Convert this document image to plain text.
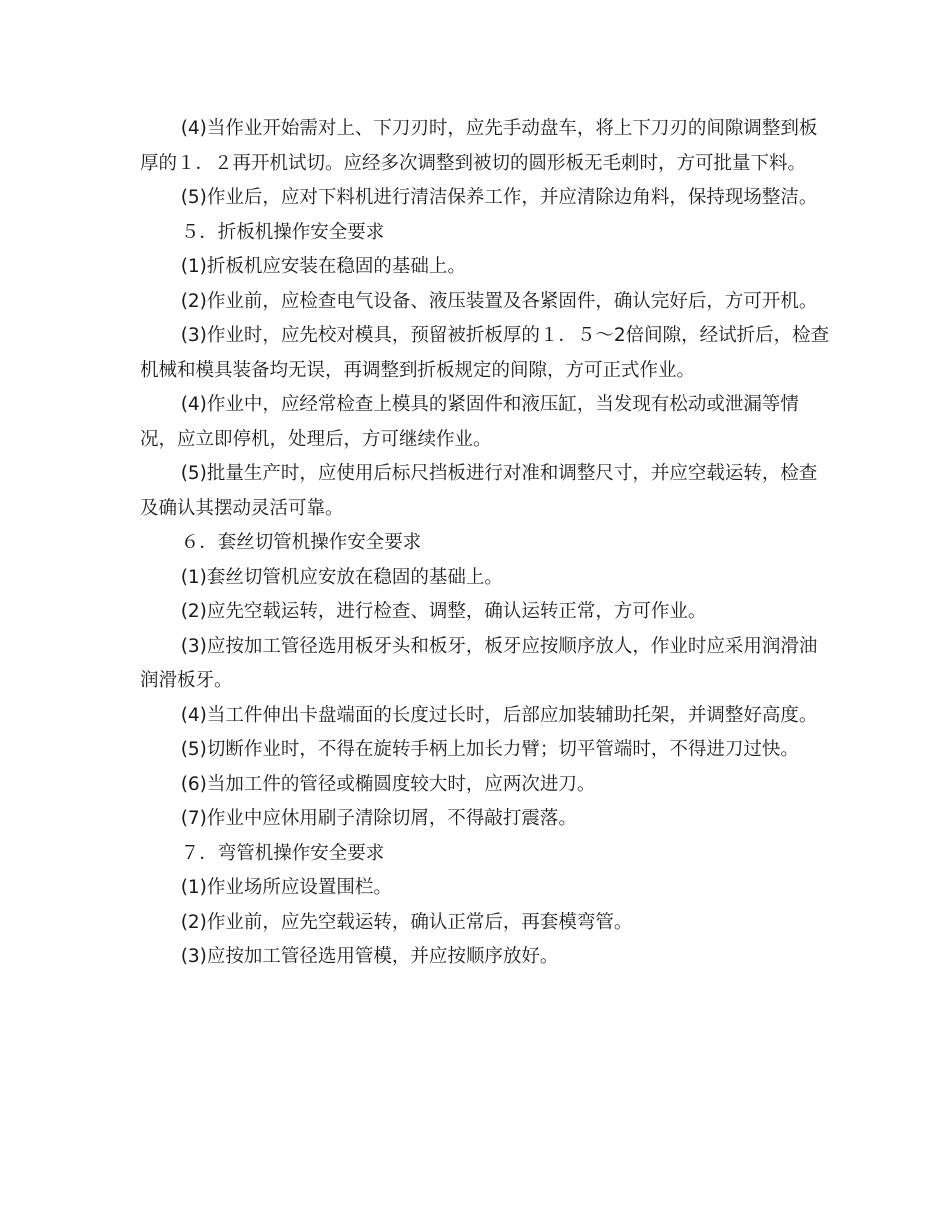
(4)当作业开始需对上、下刀刃时，应先手动盘车，将上下刀刃的间隙调整到板厚的１．２再开机试切。应经多次调整到被切的圆形板无毛刺时，方可批量下料。

(5)作业后，应对下料机进行清洁保养工作，并应清除边角料，保持现场整洁。

５．折板机操作安全要求

(1)折板机应安装在稳固的基础上。

(2)作业前，应检查电气设备、液压装置及各紧固件，确认完好后，方可开机。

(3)作业时，应先校对模具，预留被折板厚的１．５～2倍间隙，经试折后，检查机械和模具装备均无误，再调整到折板规定的间隙，方可正式作业。

(4)作业中，应经常检查上模具的紧固件和液压缸，当发现有松动或泄漏等情况，应立即停机，处理后，方可继续作业。

(5)批量生产时，应使用后标尺挡板进行对准和调整尺寸，并应空载运转，检查及确认其摆动灵活可靠。

６．套丝切管机操作安全要求

(1)套丝切管机应安放在稳固的基础上。

(2)应先空载运转，进行检查、调整，确认运转正常，方可作业。

(3)应按加工管径选用板牙头和板牙，板牙应按顺序放人，作业时应采用润滑油润滑板牙。

(4)当工件伸出卡盘端面的长度过长时，后部应加装辅助托架，并调整好高度。

(5)切断作业时，不得在旋转手柄上加长力臂；切平管端时，不得进刀过快。

(6)当加工件的管径或椭圆度较大时，应两次进刀。

(7)作业中应休用刷子清除切屑，不得敲打震落。

７．弯管机操作安全要求

(1)作业场所应设置围栏。

(2)作业前，应先空载运转，确认正常后，再套模弯管。

(3)应按加工管径选用管模，并应按顺序放好。
